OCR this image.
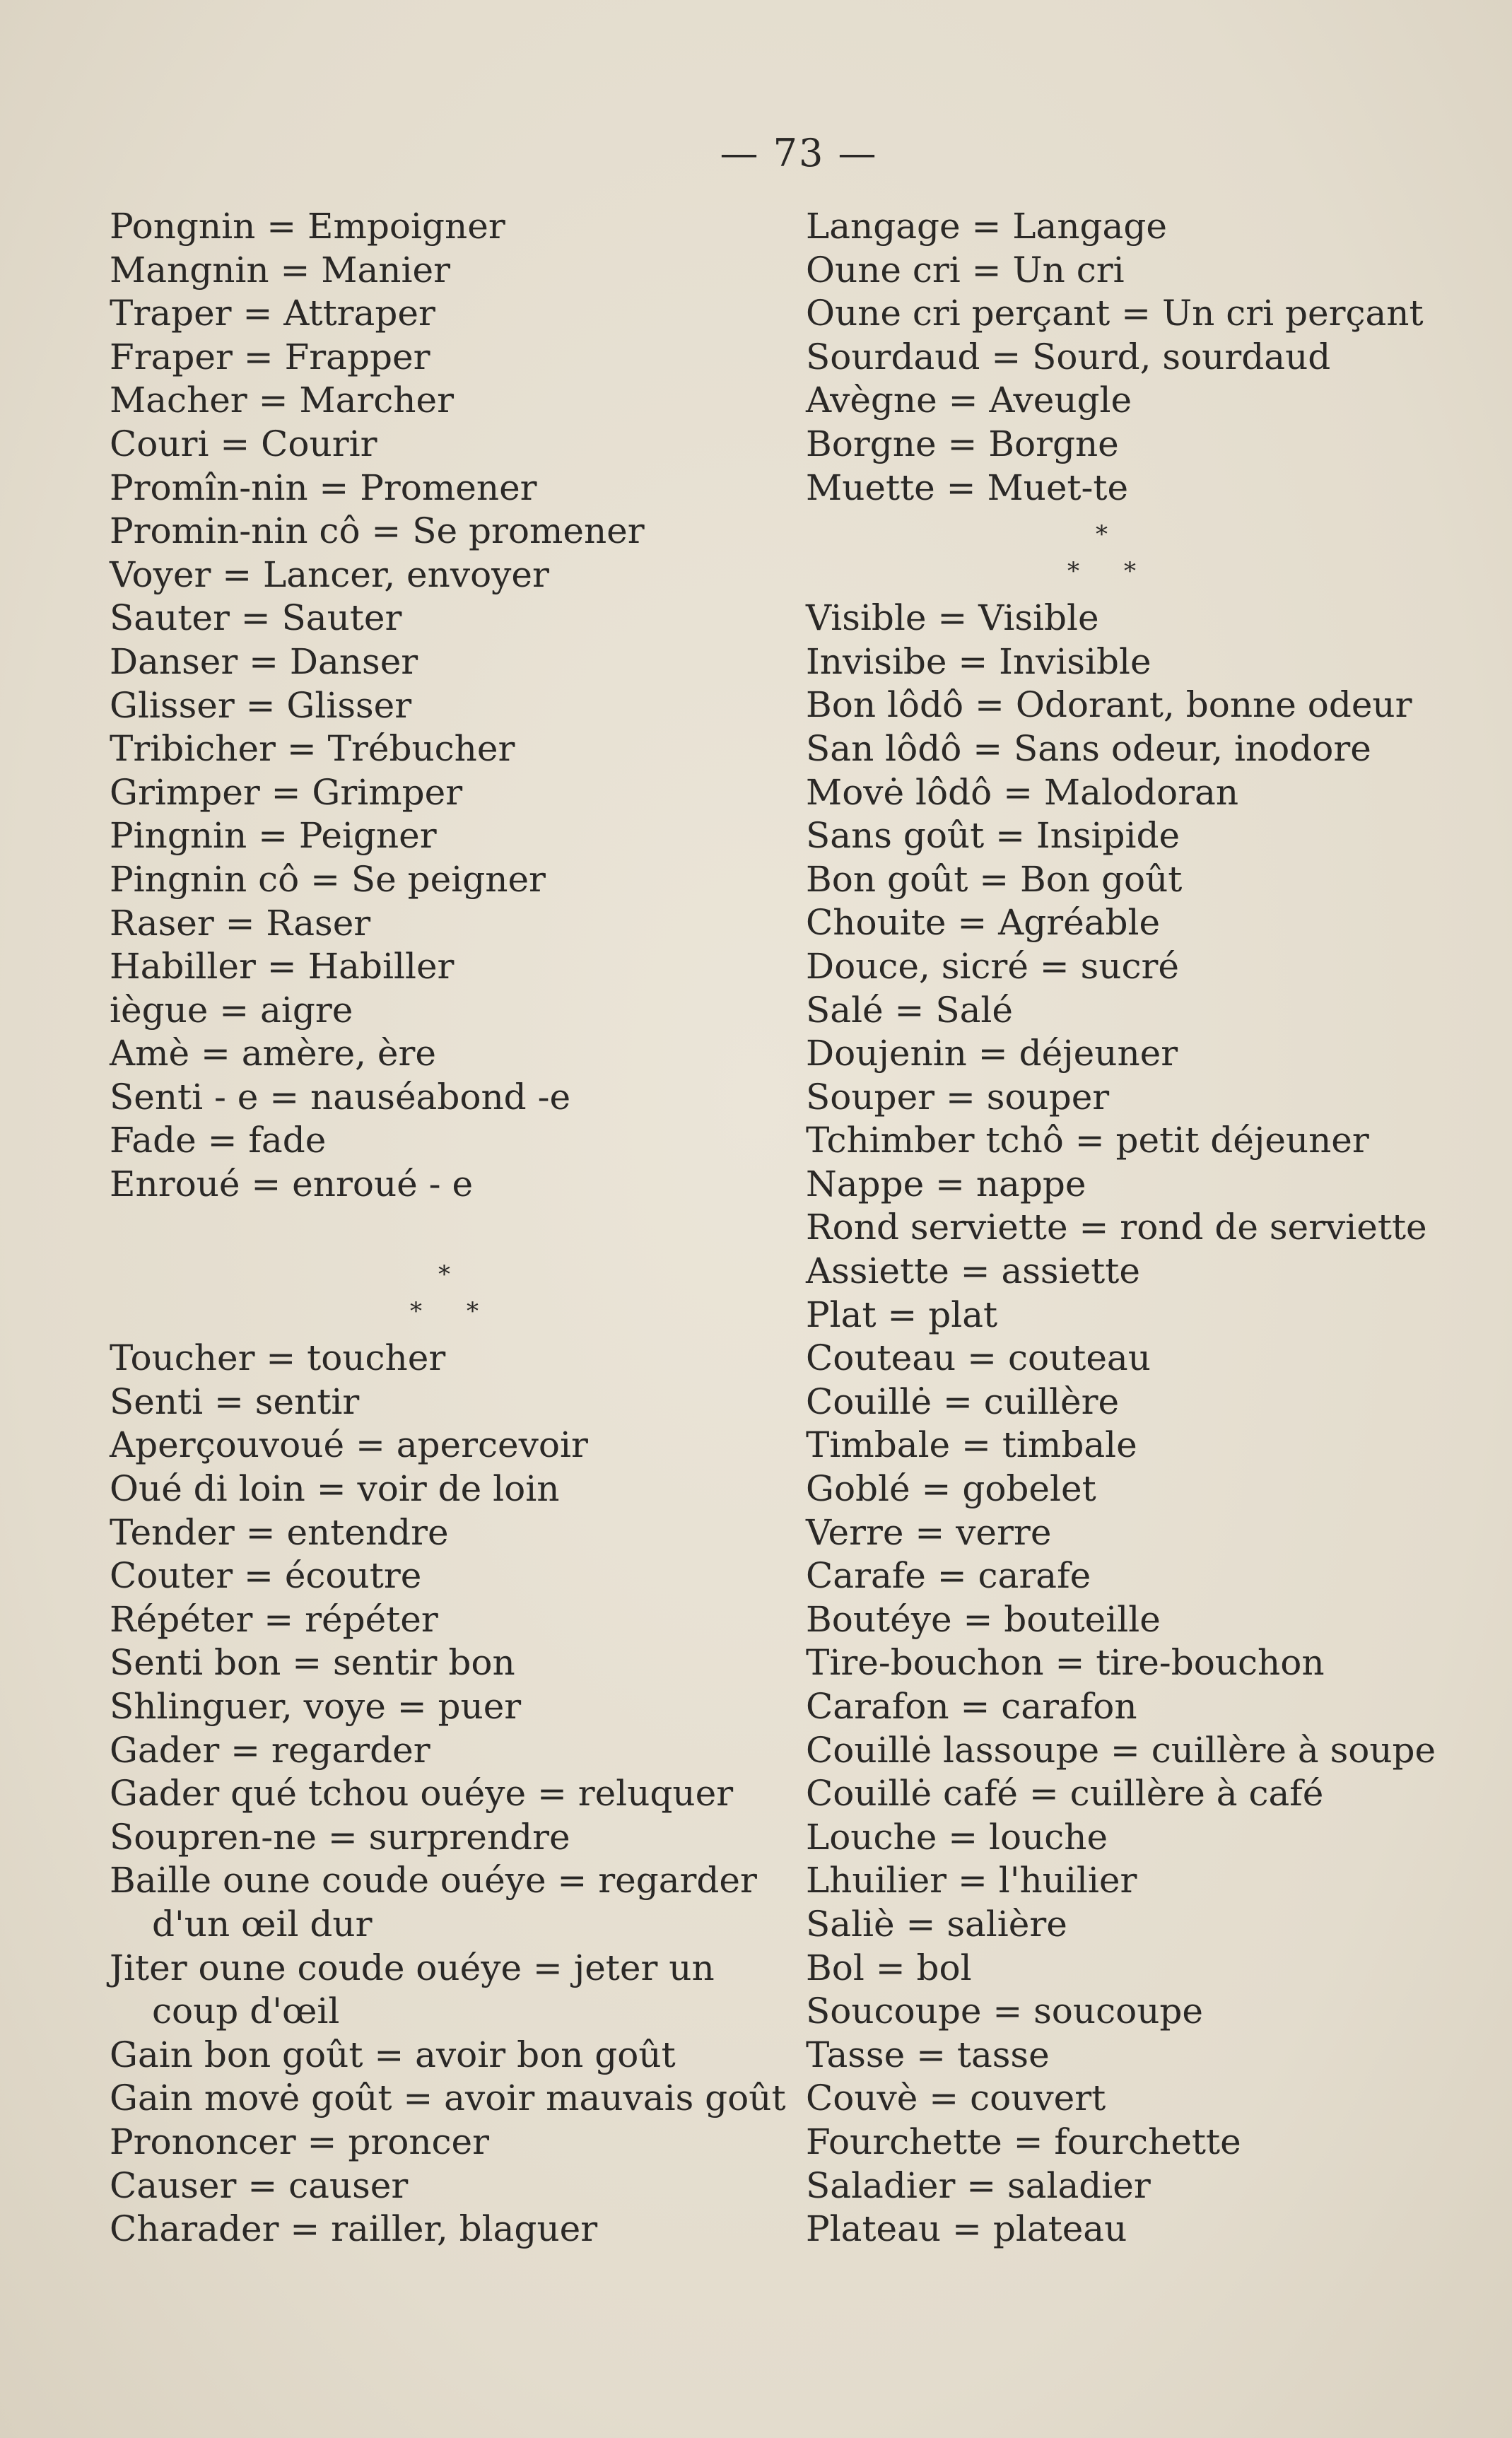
— 73 —
Pongnin = Empoigner
Mangnin = Manier
Traper = Attraper
Fraper = Frapper
Macher = Marcher
Couri = Courir
Promîn-nin = Promener
Promin-nin cô = Se promener
Voyer = Lancer, envoyer
Sauter = Sauter
Danser = Danser
Glisser = Glisser
Tribicher = Trébucher
Grimper = Grimper
Pingnin = Peigner
Pingnin cô = Se peigner
Raser = Raser
Habiller = Habiller
iègue = aigre
Amè = amère, ère
Senti - e = nauséabond -e
Fade = fade
Enroué = enroué - e
*
* *
Toucher = toucher
Senti = sentir
Aperçouvoué = apercevoir
Oué di loin = voir de loin
Tender = entendre
Couter = écoutre
Répéter = répéter
Senti bon = sentir bon
Shlinguer, voye = puer
Gader = regarder
Gader qué tchou ouéye = reluquer
Soupren-ne = surprendre
Baille oune coude ouéye = regarder
d'un œil dur
Jiter oune coude ouéye = jeter un
coup d'œil
Gain bon goût = avoir bon goût
Gain movė goût = avoir mauvais goût
Prononcer = proncer
Causer = causer
Charader = railler, blaguer
Langage = Langage
Oune cri = Un cri
Oune cri perçant = Un cri perçant
Sourdaud = Sourd, sourdaud
Avègne = Aveugle
Borgne = Borgne
Muette = Muet-te
*
* *
Visible = Visible
Invisibe = Invisible
Bon lôdô = Odorant, bonne odeur
San lôdô = Sans odeur, inodore
Movė lôdô = Malodoran
Sans goût = Insipide
Bon goût = Bon goût
Chouite = Agréable
Douce, sicré = sucré
Salé = Salé
Doujenin = déjeuner
Souper = souper
Tchimber tchô = petit déjeuner
Nappe = nappe
Rond serviette = rond de serviette
Assiette = assiette
Plat = plat
Couteau = couteau
Couillė = cuillère
Timbale = timbale
Goblé = gobelet
Verre = verre
Carafe = carafe
Boutéye = bouteille
Tire-bouchon = tire-bouchon
Carafon = carafon
Couillė lassoupe = cuillère à soupe
Couillė café = cuillère à café
Louche = louche
Lhuilier = l'huilier
Saliè = salière
Bol = bol
Soucoupe = soucoupe
Tasse = tasse
Couvè = couvert
Fourchette = fourchette
Saladier = saladier
Plateau = plateau
